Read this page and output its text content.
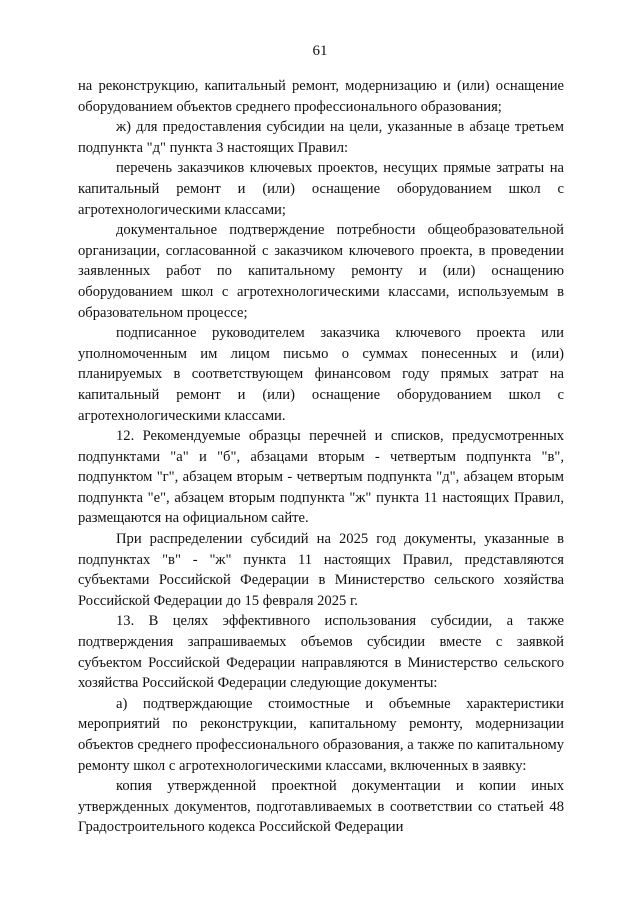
61

на реконструкцию, капитальный ремонт, модернизацию и (или) оснащение оборудованием объектов среднего профессионального образования;

ж) для предоставления субсидии на цели, указанные в абзаце третьем подпункта "д" пункта 3 настоящих Правил:

перечень заказчиков ключевых проектов, несущих прямые затраты на капитальный ремонт и (или) оснащение оборудованием школ с агротехнологическими классами;

документальное подтверждение потребности общеобразовательной организации, согласованной с заказчиком ключевого проекта, в проведении заявленных работ по капитальному ремонту и (или) оснащению оборудованием школ с агротехнологическими классами, используемым в образовательном процессе;

подписанное руководителем заказчика ключевого проекта или уполномоченным им лицом письмо о суммах понесенных и (или) планируемых в соответствующем финансовом году прямых затрат на капитальный ремонт и (или) оснащение оборудованием школ с агротехнологическими классами.

12. Рекомендуемые образцы перечней и списков, предусмотренных подпунктами "а" и "б", абзацами вторым - четвертым подпункта "в", подпунктом "г", абзацем вторым - четвертым подпункта "д", абзацем вторым подпункта "е", абзацем вторым подпункта "ж" пункта 11 настоящих Правил, размещаются на официальном сайте.

При распределении субсидий на 2025 год документы, указанные в подпунктах "в" - "ж" пункта 11 настоящих Правил, представляются субъектами Российской Федерации в Министерство сельского хозяйства Российской Федерации до 15 февраля 2025 г.

13. В целях эффективного использования субсидии, а также подтверждения запрашиваемых объемов субсидии вместе с заявкой субъектом Российской Федерации направляются в Министерство сельского хозяйства Российской Федерации следующие документы:

а) подтверждающие стоимостные и объемные характеристики мероприятий по реконструкции, капитальному ремонту, модернизации объектов среднего профессионального образования, а также по капитальному ремонту школ с агротехнологическими классами, включенных в заявку:

копия утвержденной проектной документации и копии иных утвержденных документов, подготавливаемых в соответствии со статьей 48 Градостроительного кодекса Российской Федерации
